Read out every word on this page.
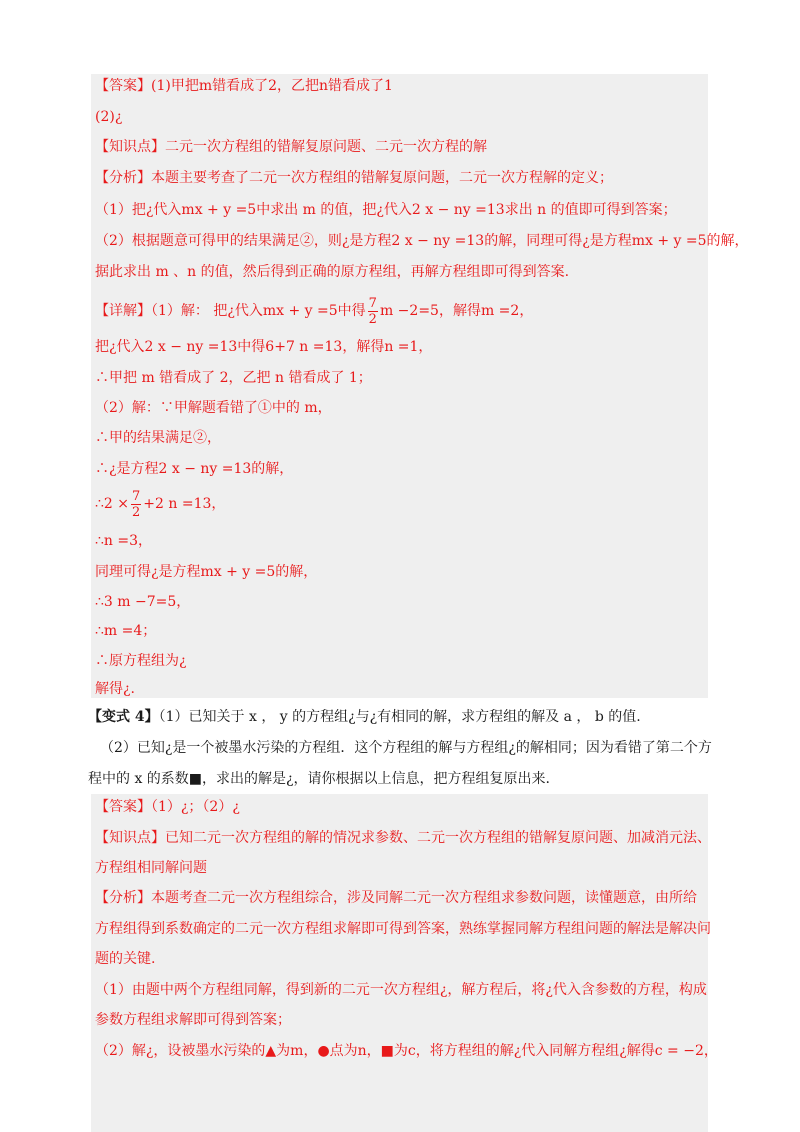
【答案】(1)甲把m错看成了2，乙把n错看成了1
(2)¿
【知识点】二元一次方程组的错解复原问题、二元一次方程的解
【分析】本题主要考查了二元一次方程组的错解复原问题，二元一次方程解的定义；
（1）把¿代入mx + y =5中求出 m 的值，把¿代入2 x − ny =13求出 n 的值即可得到答案；
（2）根据题意可得甲的结果满足②，则¿是方程2 x − ny =13的解，同理可得¿是方程mx + y =5的解，
据此求出 m 、n 的值，然后得到正确的原方程组，再解方程组即可得到答案.
【详解】（1）解： 把¿代入mx + y =5中得 $\frac{7}{2}$ m −2=5，解得m =2，
把¿代入2 x − ny =13中得6+7 n =13，解得n =1，
∴甲把 m 错看成了 2，乙把 n 错看成了 1；
（2）解：∵甲解题看错了①中的 m，
∴甲的结果满足②，
∴¿是方程2 x − ny =13的解，
∴2 × $\frac{7}{2} +2$ n =13，
∴n =3，
同理可得¿是方程mx + y =5的解，
∴3 m −7=5，
∴m =4；
∴原方程组为¿
解得¿.
【变式 4】（1）已知关于 x ， y 的方程组¿与¿有相同的解，求方程组的解及 a ， b 的值.
（2）已知¿是一个被墨水污染的方程组．这个方程组的解与方程组¿的解相同；因为看错了第二个方
程中的 x 的系数■，求出的解是¿，请你根据以上信息，把方程组复原出来.
【答案】（1）¿；（2）¿
【知识点】已知二元一次方程组的解的情况求参数、二元一次方程组的错解复原问题、加减消元法、
方程组相同解问题
【分析】本题考查二元一次方程组综合，涉及同解二元一次方程组求参数问题，读懂题意，由所给
方程组得到系数确定的二元一次方程组求解即可得到答案，熟练掌握同解方程组问题的解法是解决问
题的关键.
（1）由题中两个方程组同解，得到新的二元一次方程组¿，解方程后，将¿代入含参数的方程，构成
参数方程组求解即可得到答案；
（2）解¿，设被墨水污染的▲为m，●点为n，■为c，将方程组的解¿代入同解方程组¿解得c = −2，
